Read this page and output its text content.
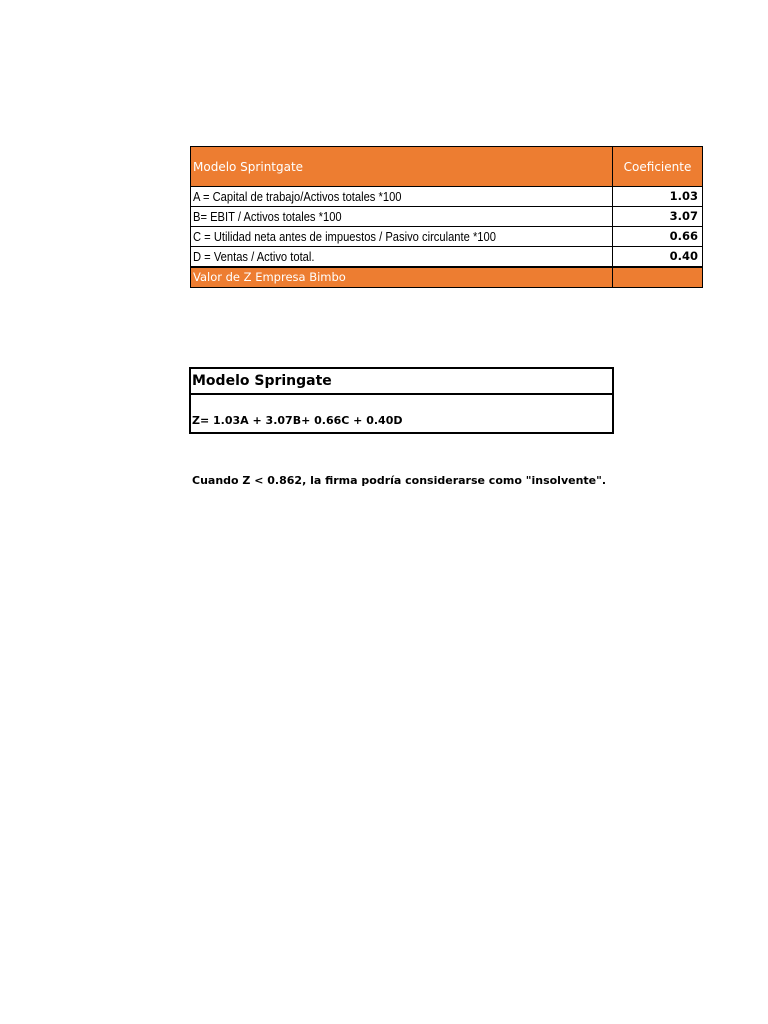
Modelo Sprintgate	Coeficiente
A = Capital de trabajo/Activos totales *100	1.03
B= EBIT / Activos totales *100	3.07
C = Utilidad neta antes de impuestos / Pasivo circulante *100	0.66
D = Ventas / Activo total.	0.40
Valor de Z Empresa Bimbo	
Modelo Springate
Z= 1.03A + 3.07B+ 0.66C + 0.40D
Cuando Z < 0.862, la firma podría considerarse como "insolvente".
